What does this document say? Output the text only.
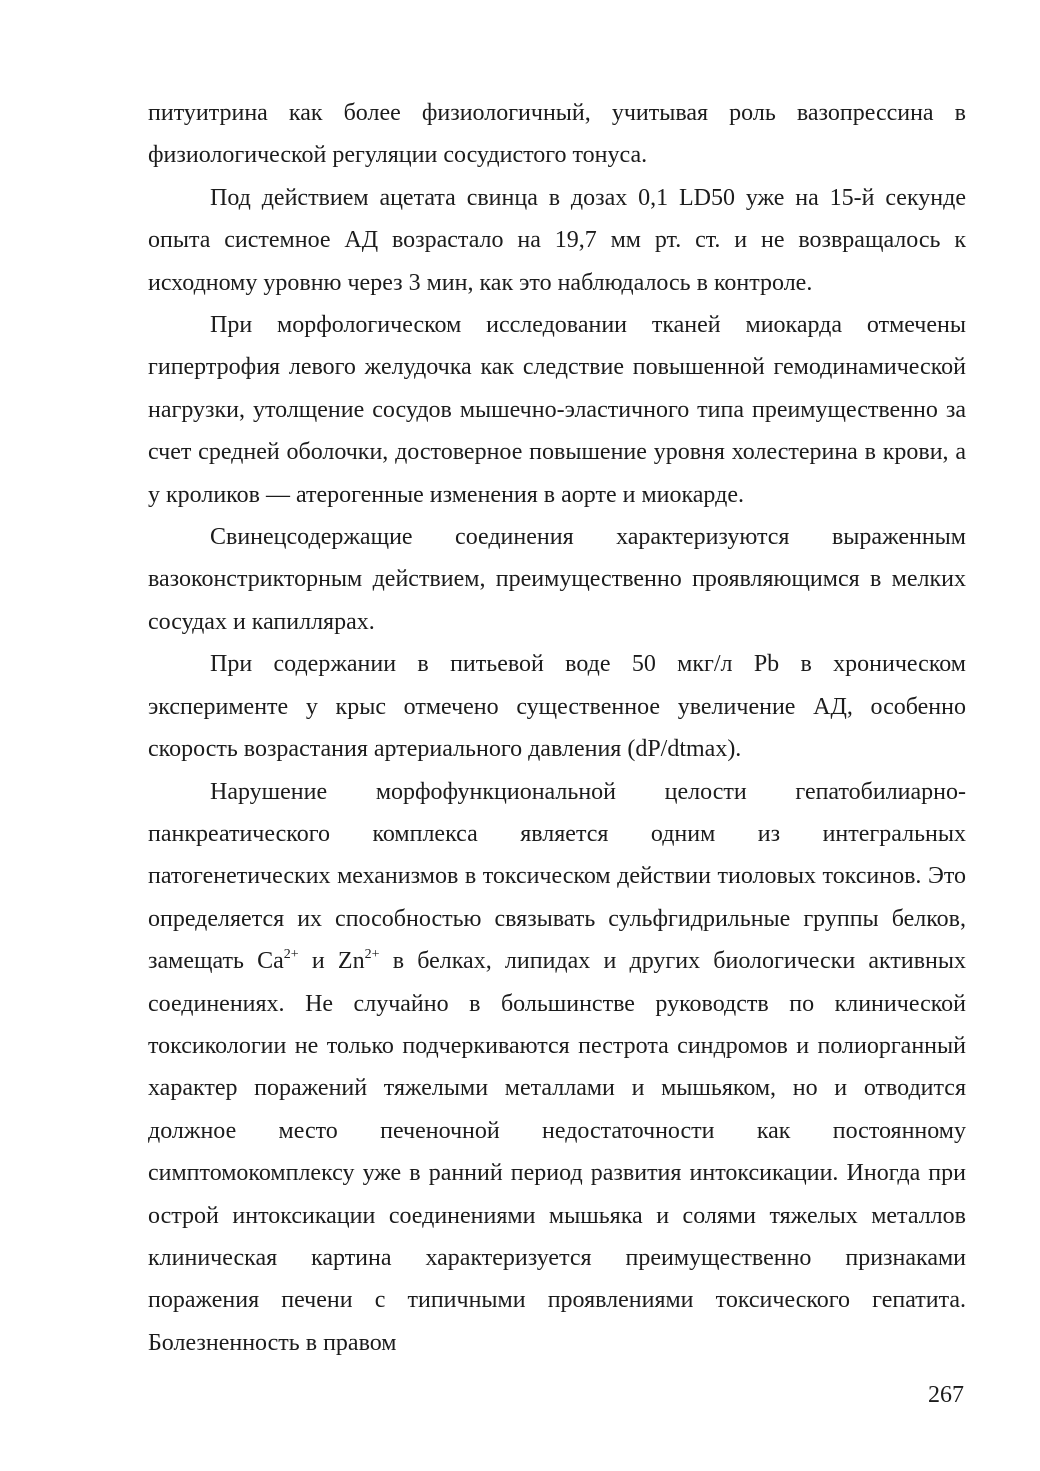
питуитрина как более физиологичный, учитывая роль вазопрессина в физиологической регуляции сосудистого тонуса.

Под действием ацетата свинца в дозах 0,1 LD50 уже на 15-й секунде опыта системное АД возрастало на 19,7 мм рт. ст. и не возвращалось к исходному уровню через 3 мин, как это наблюдалось в контроле.

При морфологическом исследовании тканей миокарда отмечены гипертрофия левого желудочка как следствие повышенной гемодинамической нагрузки, утолщение сосудов мышечно-эластичного типа преимущественно за счет средней оболочки, достоверное повышение уровня холестерина в крови, а у кроликов — атерогенные изменения в аорте и миокарде.

Свинецсодержащие соединения характеризуются выраженным вазоконстрикторным действием, преимущественно проявляющимся в мелких сосудах и капиллярах.

При содержании в питьевой воде 50 мкг/л Pb в хроническом эксперименте у крыс отмечено существенное увеличение АД, особенно скорость возрастания артериального давления (dP/dtmax).

Нарушение морфофункциональной целости гепатобилиарно-панкреатического комплекса является одним из интегральных патогенетических механизмов в токсическом действии тиоловых токсинов. Это определяется их способностью связывать сульфгидрильные группы белков, замещать $Ca^{2+}$ и $Zn^{2+}$ в белках, липидах и других биологически активных соединениях. Не случайно в большинстве руководств по клинической токсикологии не только подчеркиваются пестрота синдромов и полиорганный характер поражений тяжелыми металлами и мышьяком, но и отводится должное место печеночной недостаточности как постоянному симптомокомплексу уже в ранний период развития интоксикации. Иногда при острой интоксикации соединениями мышьяка и солями тяжелых металлов клиническая картина характеризуется преимущественно признаками поражения печени с типичными проявлениями токсического гепатита. Болезненность в правом

267
